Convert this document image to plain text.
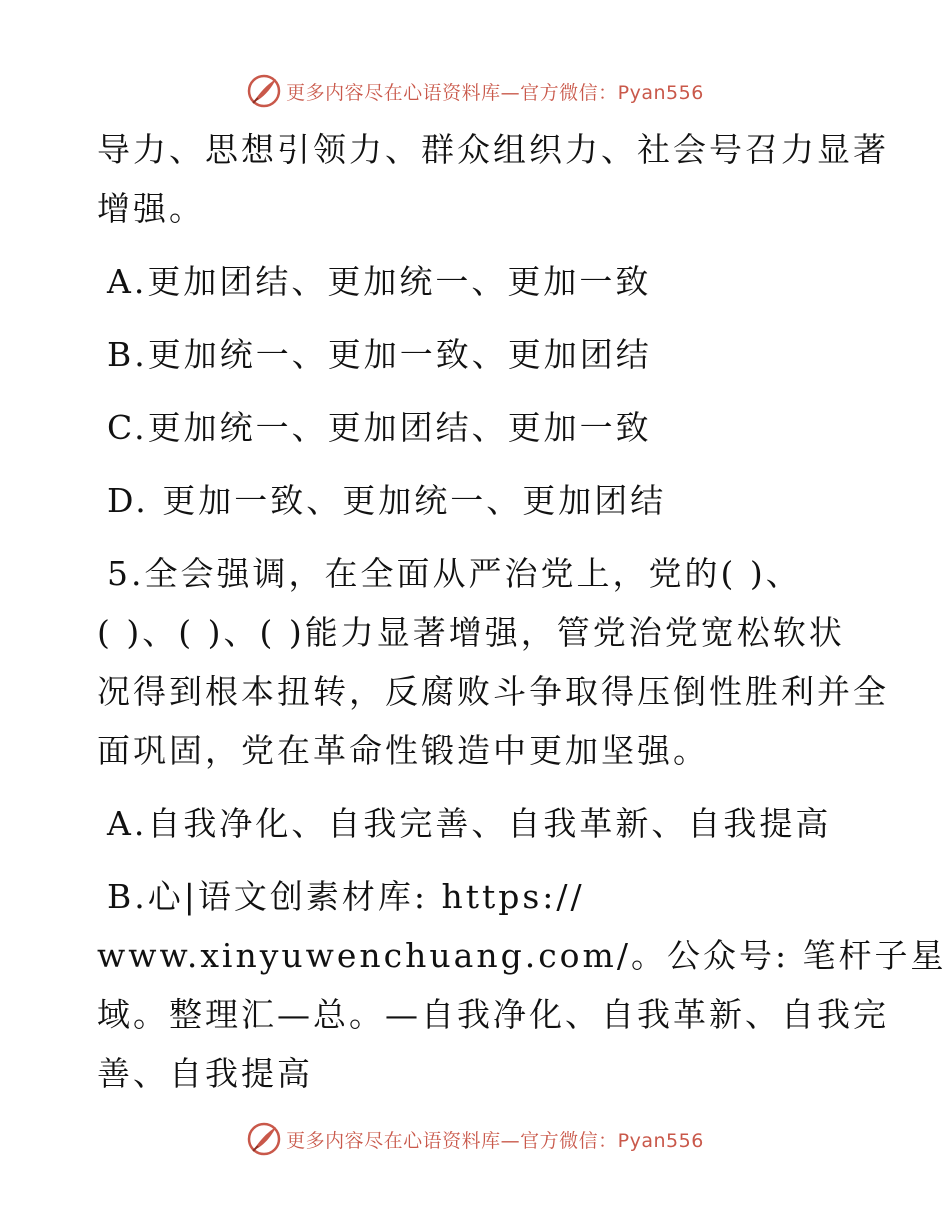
更多内容尽在心语资料库—官方微信：Pyan556
导力、思想引领力、群众组织力、社会号召力显著
增强。
A.更加团结、更加统一、更加一致
B.更加统一、更加一致、更加团结
C.更加统一、更加团结、更加一致
D. 更加一致、更加统一、更加团结
5.全会强调，在全面从严治党上，党的( )、
( )、( )、( )能力显著增强，管党治党宽松软状
况得到根本扭转，反腐败斗争取得压倒性胜利并全
面巩固，党在革命性锻造中更加坚强。
A.自我净化、自我完善、自我革新、自我提高
B.心|语文创素材库: https://
www.xinyuwenchuang.com/。公众号: 笔杆子星
域。整理汇—总。—自我净化、自我革新、自我完
善、自我提高
更多内容尽在心语资料库—官方微信：Pyan556
